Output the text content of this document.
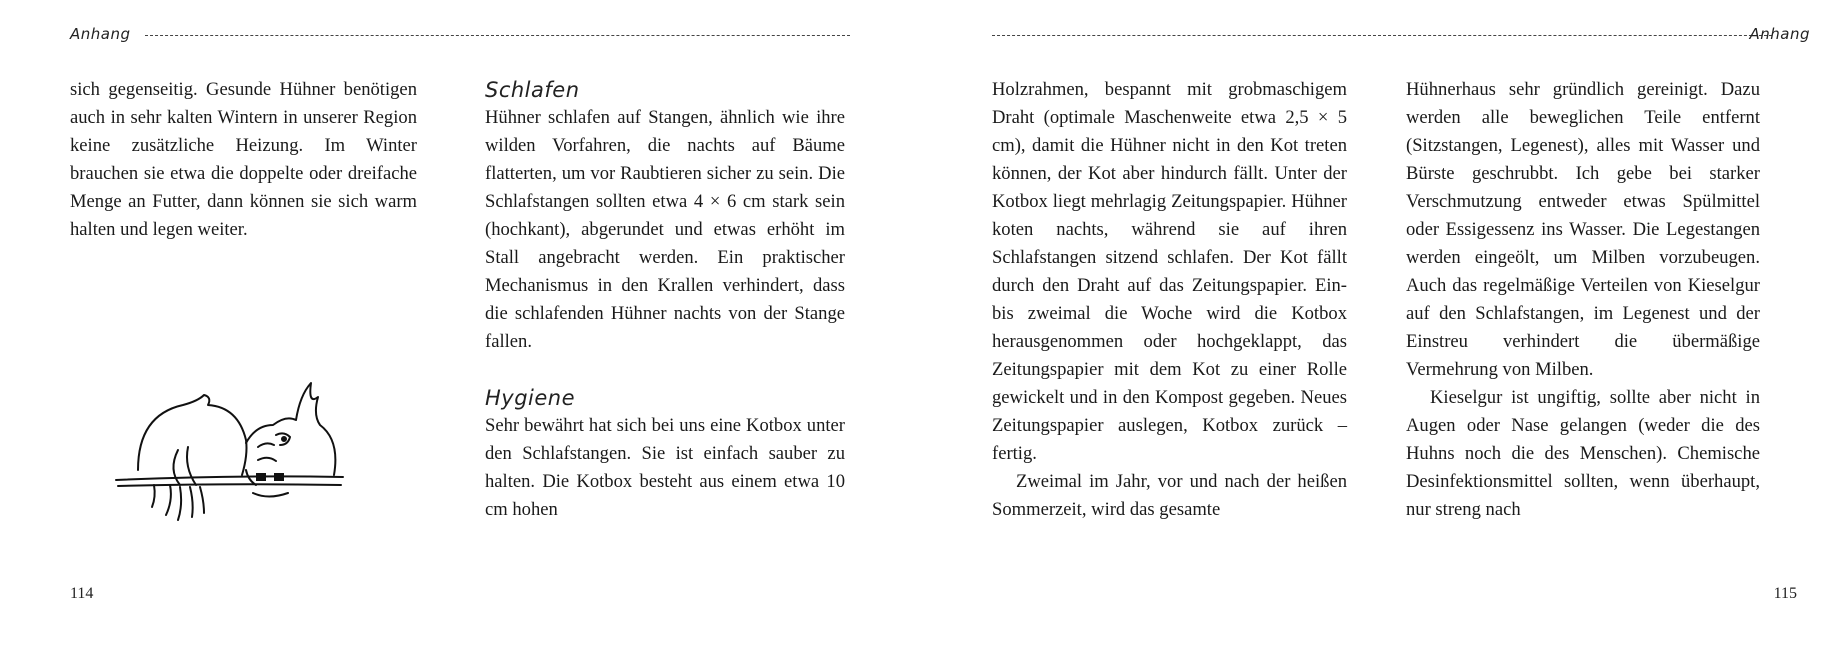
Anhang

sich gegenseitig. Gesunde Hühner benötigen auch in sehr kalten Wintern in unserer Region keine zusätzliche Heizung. Im Winter brauchen sie etwa die doppelte oder dreifache Menge an Futter, dann können sie sich warm halten und legen weiter.

114
Schlafen

Hühner schlafen auf Stangen, ähnlich wie ihre wilden Vorfahren, die nachts auf Bäume flatterten, um vor Raubtieren sicher zu sein. Die Schlafstangen sollten etwa 4 × 6 cm stark sein (hochkant), abgerundet und etwas erhöht im Stall angebracht werden. Ein praktischer Mechanismus in den Krallen verhindert, dass die schlafenden Hühner nachts von der Stange fallen.

Hygiene

Sehr bewährt hat sich bei uns eine Kotbox unter den Schlafstangen. Sie ist einfach sauber zu halten. Die Kotbox besteht aus einem etwa 10 cm hohen

Anhang

Holzrahmen, bespannt mit grobmaschigem Draht (optimale Maschenweite etwa 2,5 × 5 cm), damit die Hühner nicht in den Kot treten können, der Kot aber hindurch fällt. Unter der Kotbox liegt mehrlagig Zeitungspapier. Hühner koten nachts, während sie auf ihren Schlafstangen sitzend schlafen. Der Kot fällt durch den Draht auf das Zeitungspapier. Ein- bis zweimal die Woche wird die Kotbox herausgenommen oder hochgeklappt, das Zeitungspapier mit dem Kot zu einer Rolle gewickelt und in den Kompost gegeben. Neues Zeitungspapier auslegen, Kotbox zurück – fertig.

Zweimal im Jahr, vor und nach der heißen Sommerzeit, wird das gesamte

Hühnerhaus sehr gründlich gereinigt. Dazu werden alle beweglichen Teile entfernt (Sitzstangen, Legenest), alles mit Wasser und Bürste geschrubbt. Ich gebe bei starker Verschmutzung entweder etwas Spülmittel oder Essigessenz ins Wasser. Die Legestangen werden eingeölt, um Milben vorzubeugen. Auch das regelmäßige Verteilen von Kieselgur auf den Schlafstangen, im Legenest und der Einstreu verhindert die übermäßige Vermehrung von Milben.

Kieselgur ist ungiftig, sollte aber nicht in Augen oder Nase gelangen (weder die des Huhns noch die des Menschen). Chemische Desinfektionsmittel sollten, wenn überhaupt, nur streng nach

115
